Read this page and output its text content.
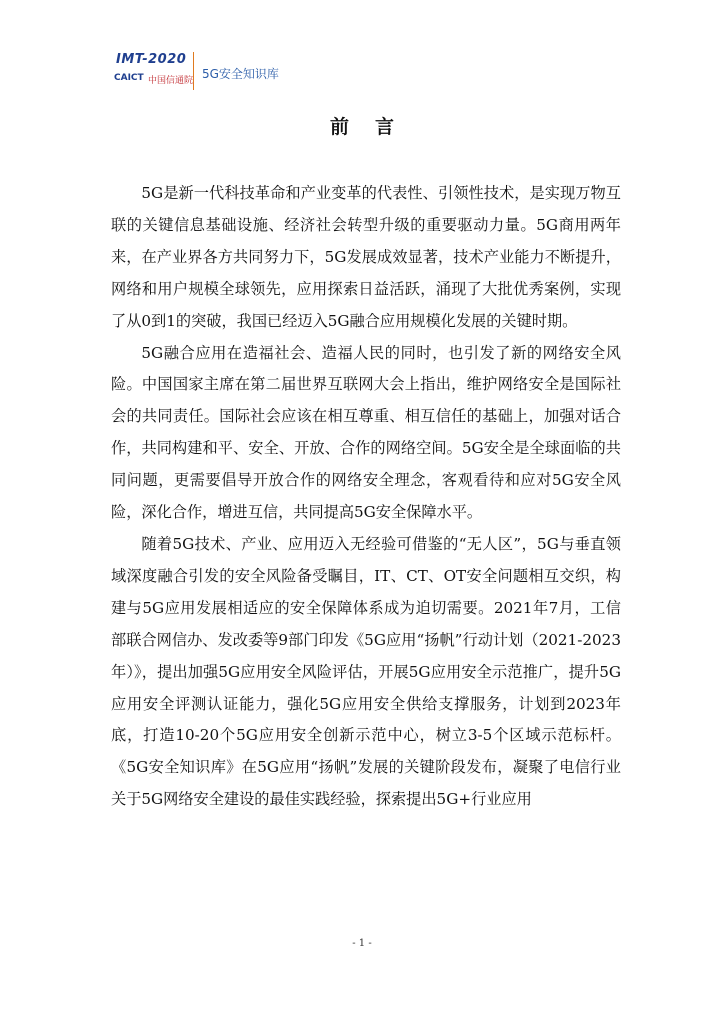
IMT-2020
CAICT 中国信通院 5G安全知识库
前言

5G是新一代科技革命和产业变革的代表性、引领性技术，是实现万物互联的关键信息基础设施、经济社会转型升级的重要驱动力量。5G商用两年来，在产业界各方共同努力下，5G发展成效显著，技术产业能力不断提升，网络和用户规模全球领先，应用探索日益活跃，涌现了大批优秀案例，实现了从0到1的突破，我国已经迈入5G融合应用规模化发展的关键时期。

5G融合应用在造福社会、造福人民的同时，也引发了新的网络安全风险。中国国家主席在第二届世界互联网大会上指出，维护网络安全是国际社会的共同责任。国际社会应该在相互尊重、相互信任的基础上，加强对话合作，共同构建和平、安全、开放、合作的网络空间。5G安全是全球面临的共同问题，更需要倡导开放合作的网络安全理念，客观看待和应对5G安全风险，深化合作，增进互信，共同提高5G安全保障水平。

随着5G技术、产业、应用迈入无经验可借鉴的“无人区”，5G与垂直领域深度融合引发的安全风险备受瞩目，IT、CT、OT安全问题相互交织，构建与5G应用发展相适应的安全保障体系成为迫切需要。2021年7月，工信部联合网信办、发改委等9部门印发《5G应用“扬帆”行动计划（2021-2023年）》，提出加强5G应用安全风险评估，开展5G应用安全示范推广，提升5G应用安全评测认证能力，强化5G应用安全供给支撑服务，计划到2023年底，打造10-20个5G应用安全创新示范中心，树立3-5个区域示范标杆。《5G安全知识库》在5G应用“扬帆”发展的关键阶段发布，凝聚了电信行业关于5G网络安全建设的最佳实践经验，探索提出5G+行业应用

- 1 -
